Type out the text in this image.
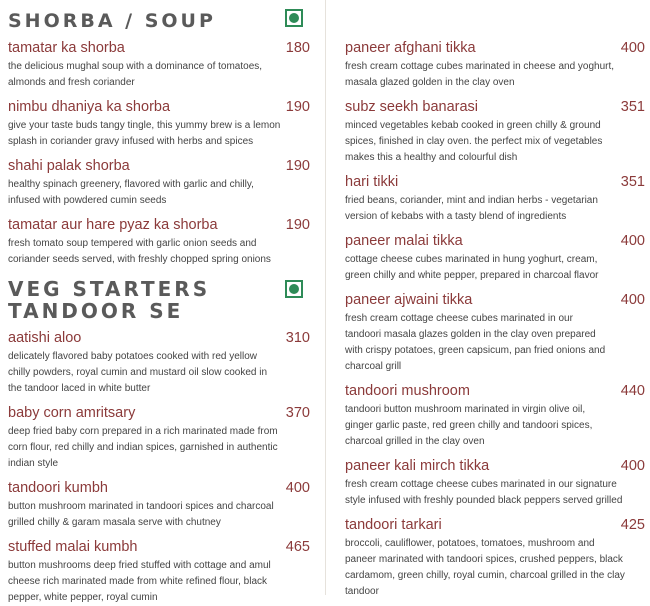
SHORBA / SOUP
tamatar ka shorba	180
the delicious mughal soup with a dominance of tomatoes, almonds and fresh coriander
nimbu dhaniya ka shorba	190
give your taste buds tangy tingle, this yummy brew is a lemon splash in coriander gravy infused with herbs and spices
shahi palak shorba	190
healthy spinach greenery, flavored with garlic and chilly, infused with powdered cumin seeds
tamatar aur hare pyaz ka shorba	190
fresh tomato soup tempered with garlic onion seeds and coriander seeds served, with freshly chopped spring onions
VEG STARTERS
TANDOOR SE
aatishi aloo	310
delicately flavored baby potatoes cooked with red yellow chilly powders, royal cumin and mustard oil slow cooked in the tandoor laced in white butter
baby corn amritsary	370
deep fried baby corn prepared in a rich marinated made from corn flour, red chilly and indian spices, garnished in authentic indian style
tandoori kumbh	400
button mushroom marinated in tandoori spices and charcoal grilled chilly & garam masala serve with chutney
stuffed malai kumbh	465
button mushrooms deep fried stuffed with cottage and amul cheese rich marinated made from white refined flour, black pepper, white pepper, royal cumin
paneer afghani tikka	400
fresh cream cottage cubes marinated in cheese and yoghurt, masala glazed golden in the clay oven
subz seekh banarasi	351
minced vegetables kebab cooked in green chilly & ground spices, finished in clay oven. the perfect mix of vegetables makes this a healthy and colourful dish
hari tikki	351
fried beans, coriander, mint and indian herbs - vegetarian version of kebabs with a tasty blend of ingredients
paneer malai tikka	400
cottage cheese cubes marinated in hung yoghurt, cream, green chilly and white pepper, prepared in charcoal flavor
paneer ajwaini tikka	400
fresh cream cottage cheese cubes marinated in our tandoori masala glazes golden in the clay oven prepared with crispy potatoes, green capsicum, pan fried onions and charcoal grill
tandoori mushroom	440
tandoori button mushroom marinated in virgin olive oil, ginger garlic paste, red green chilly and tandoori spices, charcoal grilled in the clay oven
paneer kali mirch tikka	400
fresh cream cottage cheese cubes marinated in our signature style infused with freshly pounded black peppers served grilled
tandoori tarkari	425
broccoli, cauliflower, potatoes, tomatoes, mushroom and paneer marinated with tandoori spices, crushed peppers, black cardamom, green chilly, royal cumin, charcoal grilled in the clay tandoor
